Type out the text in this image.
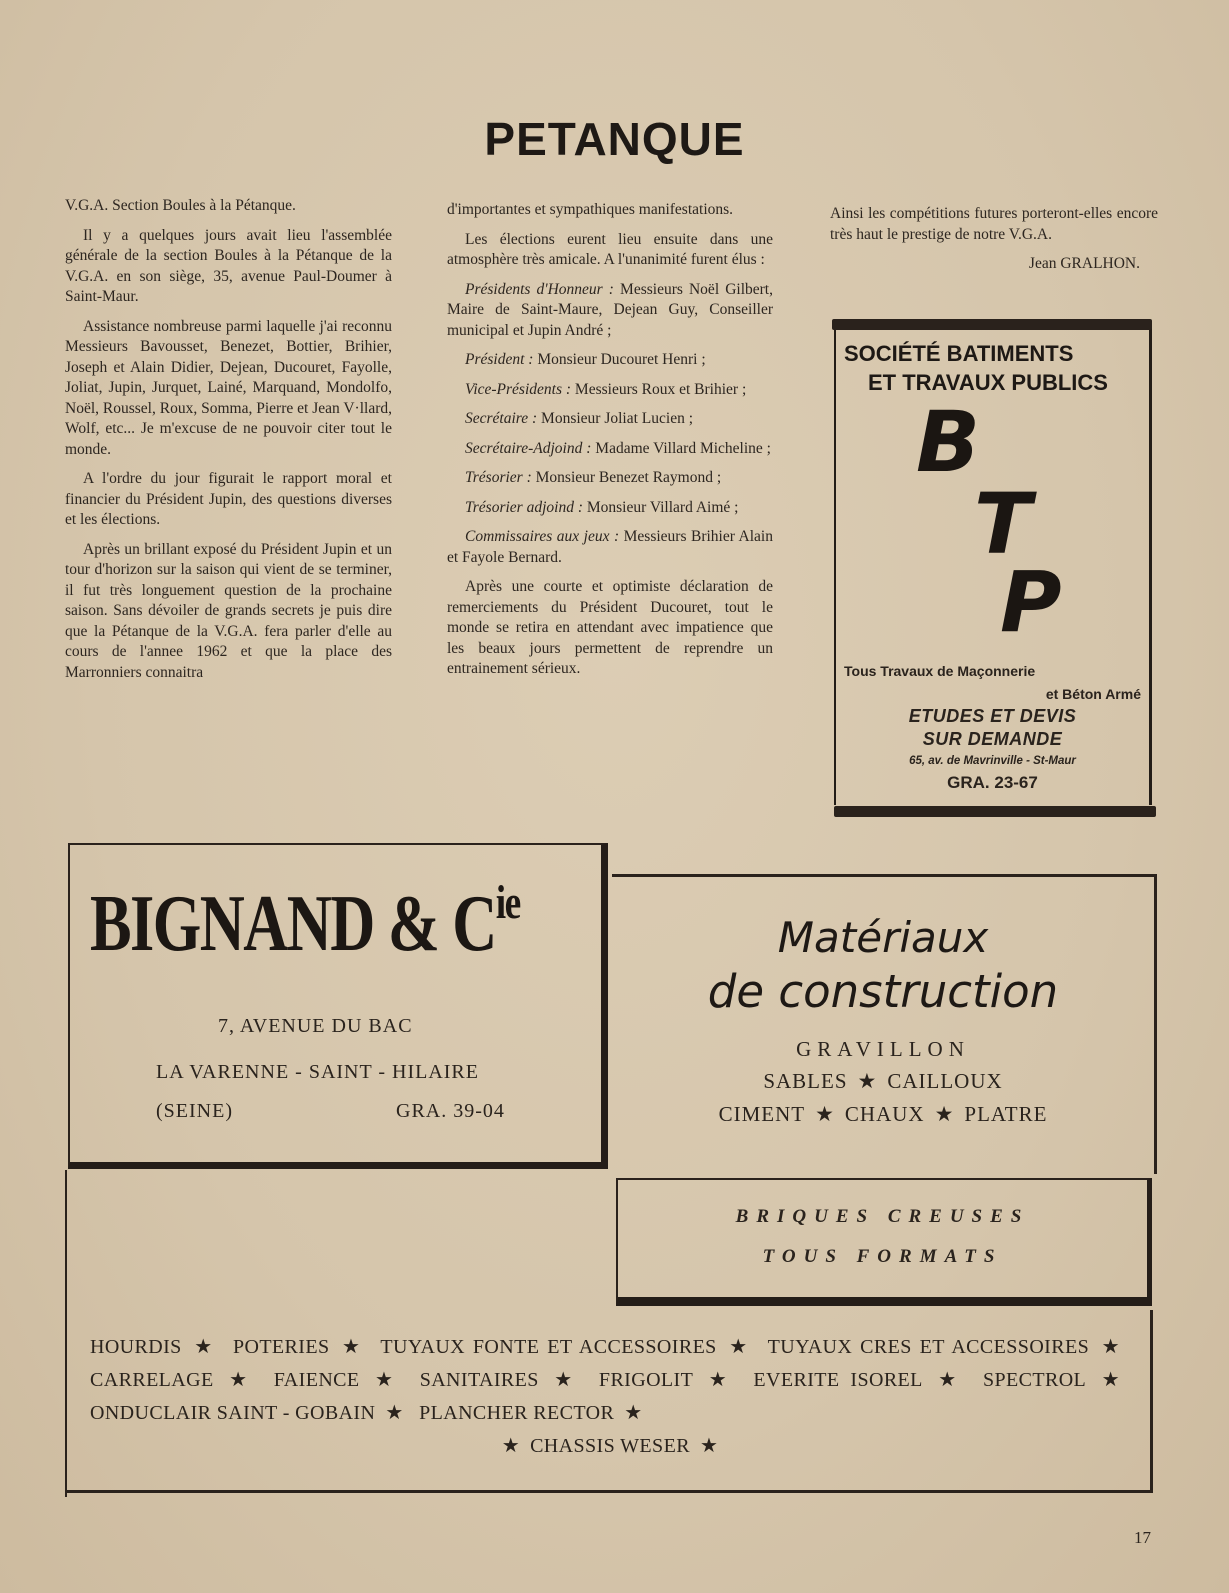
PETANQUE

V.G.A. Section Boules à la Pétanque.

Il y a quelques jours avait lieu l'assemblée générale de la section Boules à la Pétanque de la V.G.A. en son siège, 35, avenue Paul-Doumer à Saint-Maur.

Assistance nombreuse parmi laquelle j'ai reconnu Messieurs Bavousset, Benezet, Bottier, Brihier, Joseph et Alain Didier, Dejean, Ducouret, Fayolle, Joliat, Jupin, Jurquet, Lainé, Marquand, Mondolfo, Noël, Roussel, Roux, Somma, Pierre et Jean V·llard, Wolf, etc... Je m'excuse de ne pouvoir citer tout le monde.

A l'ordre du jour figurait le rapport moral et financier du Président Jupin, des questions diverses et les élections.

Après un brillant exposé du Président Jupin et un tour d'horizon sur la saison qui vient de se terminer, il fut très longuement question de la prochaine saison. Sans dévoiler de grands secrets je puis dire que la Pétanque de la V.G.A. fera parler d'elle au cours de l'annee 1962 et que la place des Marronniers connaitra

d'importantes et sympathiques manifestations.

Les élections eurent lieu ensuite dans une atmosphère très amicale. A l'unanimité furent élus :

Présidents d'Honneur : Messieurs Noël Gilbert, Maire de Saint-Maure, Dejean Guy, Conseiller municipal et Jupin André ;

Président : Monsieur Ducouret Henri ;

Vice-Présidents : Messieurs Roux et Brihier ;

Secrétaire : Monsieur Joliat Lucien ;

Secrétaire-Adjoind : Madame Villard Micheline ;

Trésorier : Monsieur Benezet Raymond ;

Trésorier adjoind : Monsieur Villard Aimé ;

Commissaires aux jeux : Messieurs Brihier Alain et Fayole Bernard.

Après une courte et optimiste déclaration de remerciements du Président Ducouret, tout le monde se retira en attendant avec impatience que les beaux jours permettent de reprendre un entrainement sérieux.

Ainsi les compétitions futures porteront-elles encore très haut le prestige de notre V.G.A.

Jean GRALHON.

SOCIÉTÉ BATIMENTS
ET TRAVAUX PUBLICS
B
T
P
Tous Travaux de Maçonnerie
et Béton Armé
ETUDES ET DEVIS
SUR DEMANDE
65, av. de Mavrinville - St-Maur
GRA. 23-67
BIGNAND & $C^{ie}$
7, AVENUE DU BAC
LA VARENNE - SAINT - HILAIRE
(SEINE)	GRA. 39-04
Matériaux
de construction
GRAVILLON
SABLES ★ CAILLOUX
CIMENT ★ CHAUX ★ PLATRE
BRIQUES CREUSES
TOUS FORMATS
HOURDIS ★ POTERIES ★ TUYAUX FONTE ET ACCESSOIRES ★ TUYAUX CRES ET ACCESSOIRES ★ CARRELAGE ★ FAIENCE ★ SANITAIRES ★ FRIGOLIT ★ EVERITE ISOREL ★ SPECTROL ★ ONDUCLAIR SAINT - GOBAIN ★ PLANCHER RECTOR ★
★ CHASSIS WESER ★
17
